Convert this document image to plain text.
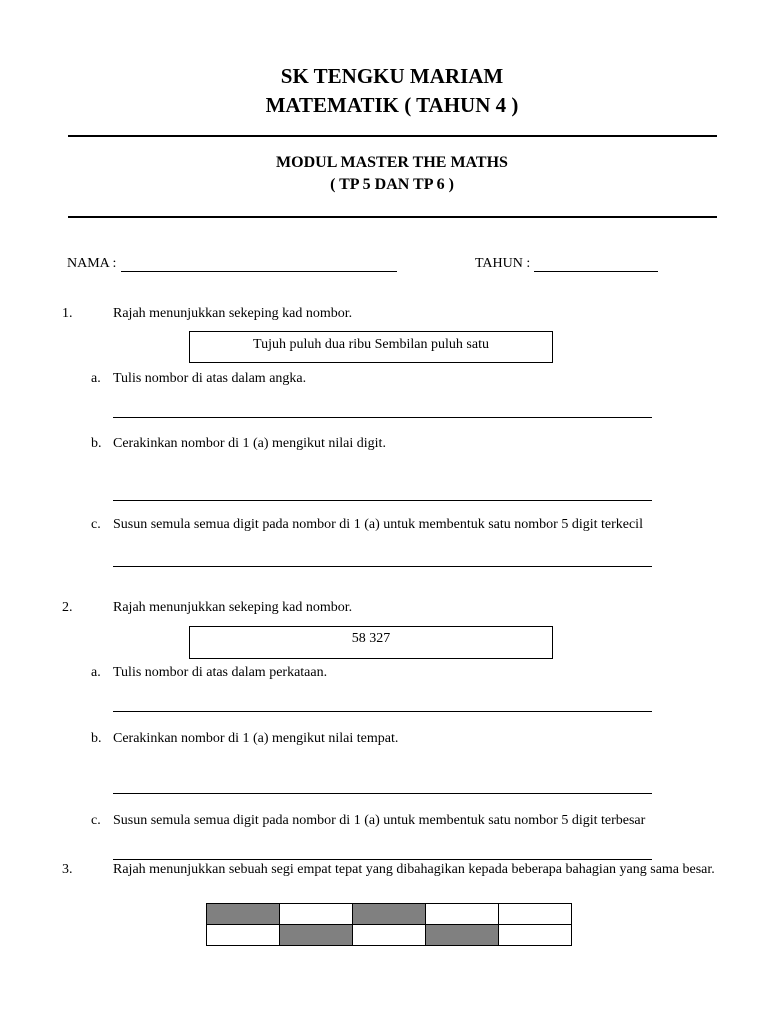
SK TENGKU MARIAM
MATEMATIK ( TAHUN 4 )
MODUL MASTER THE MATHS
( TP 5 DAN TP 6 )
NAMA :	TAHUN :
1.	Rajah menunjukkan sekeping kad nombor.
Tujuh puluh dua ribu Sembilan puluh satu
a. Tulis nombor di atas dalam angka.
b. Cerakinkan nombor di 1 (a) mengikut nilai digit.
c. Susun semula semua digit pada nombor di 1 (a) untuk membentuk satu nombor 5 digit terkecil
2.	Rajah menunjukkan sekeping kad nombor.
58 327
a. Tulis nombor di atas dalam perkataan.
b. Cerakinkan nombor di 1 (a) mengikut nilai tempat.
c. Susun semula semua digit pada nombor di 1 (a) untuk membentuk satu nombor 5 digit terbesar
3.	Rajah menunjukkan sebuah segi empat tepat yang dibahagikan kepada beberapa bahagian yang sama besar.
